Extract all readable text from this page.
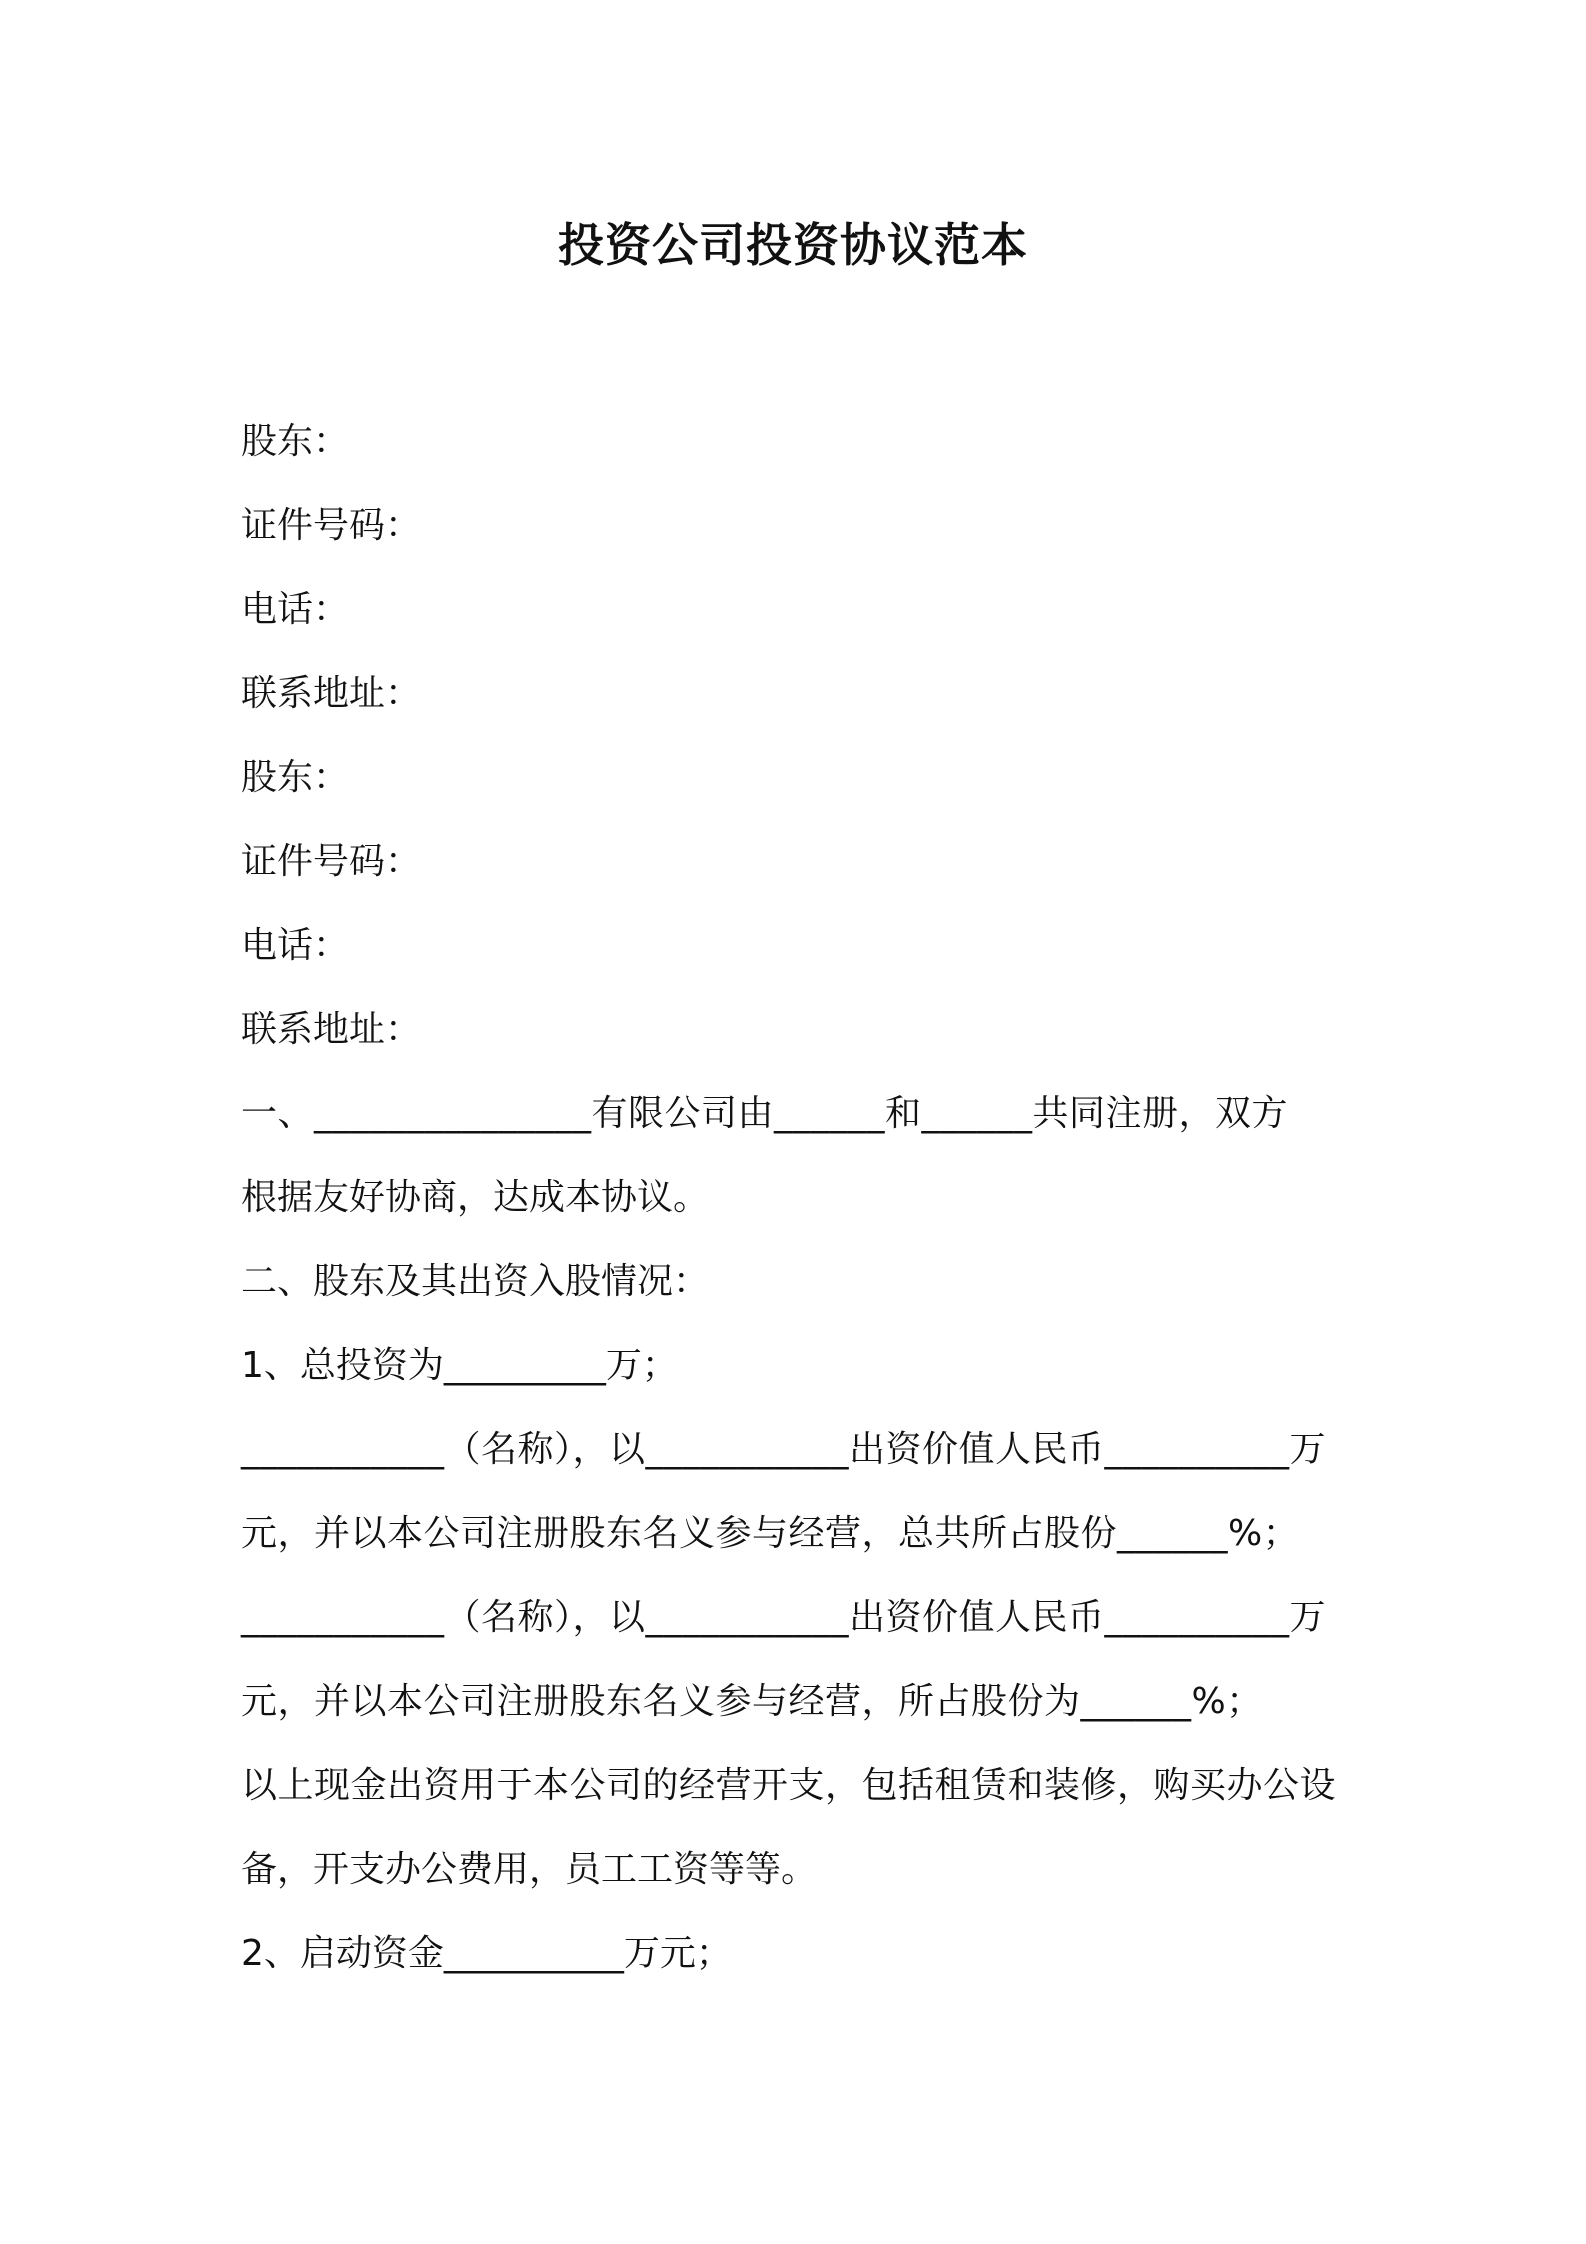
投资公司投资协议范本
股东：
证件号码：
电话：
联系地址：
股东：
证件号码：
电话：
联系地址：
一、_______________有限公司由______和______共同注册，双方
根据友好协商，达成本协议。
二、股东及其出资入股情况：
1、总投资为_________万；
___________（名称），以___________出资价值人民币__________万
元，并以本公司注册股东名义参与经营，总共所占股份______%；
___________（名称），以___________出资价值人民币__________万
元，并以本公司注册股东名义参与经营，所占股份为______%；
以上现金出资用于本公司的经营开支，包括租赁和装修，购买办公设
备，开支办公费用，员工工资等等。
2、启动资金__________万元；
